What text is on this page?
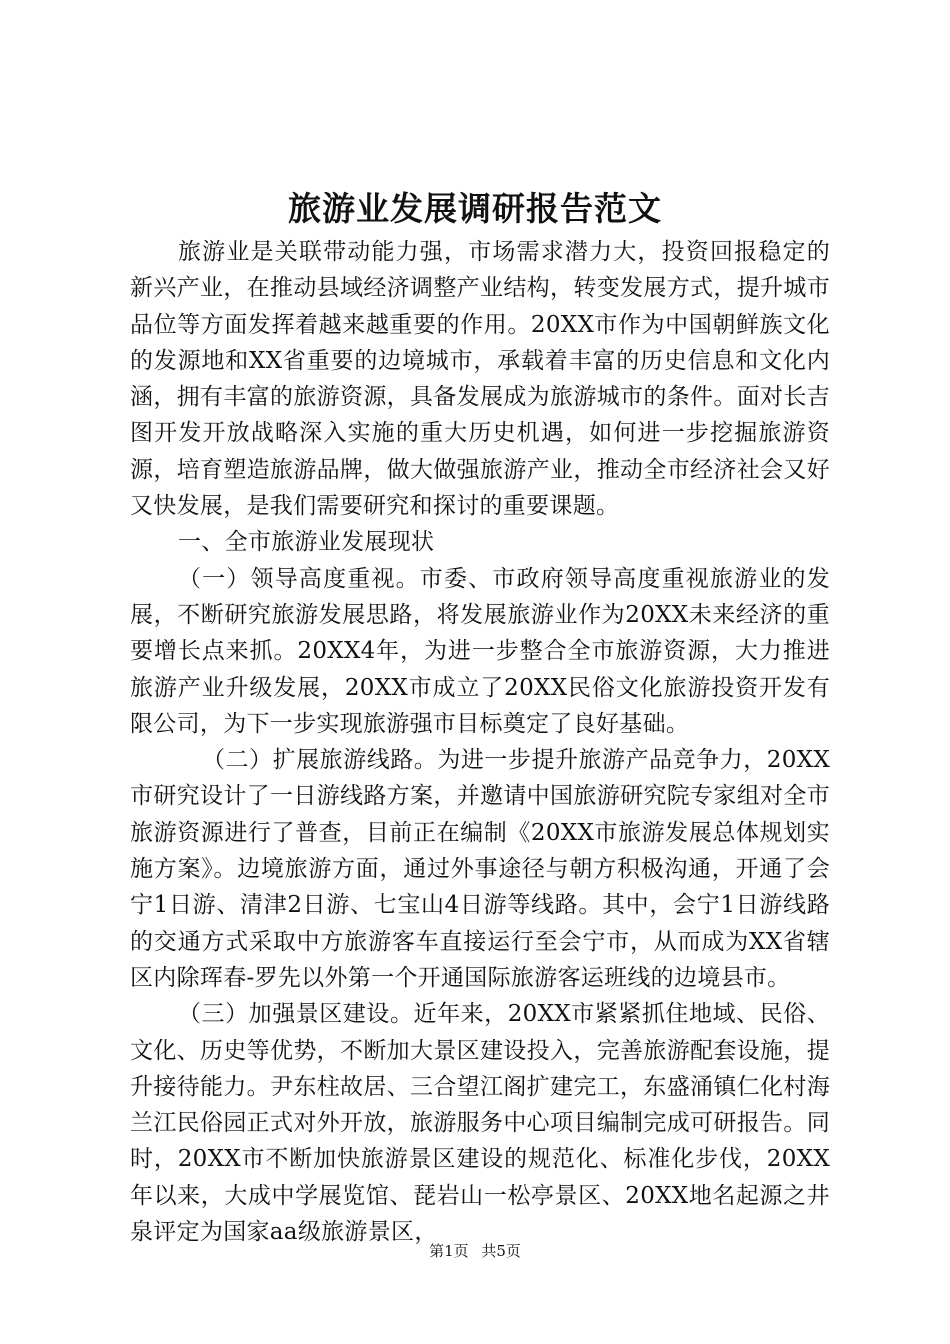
旅游业发展调研报告范文

旅游业是关联带动能力强，市场需求潜力大，投资回报稳定的新兴产业，在推动县域经济调整产业结构，转变发展方式，提升城市品位等方面发挥着越来越重要的作用。20XX市作为中国朝鲜族文化的发源地和XX省重要的边境城市，承载着丰富的历史信息和文化内涵，拥有丰富的旅游资源，具备发展成为旅游城市的条件。面对长吉图开发开放战略深入实施的重大历史机遇，如何进一步挖掘旅游资源，培育塑造旅游品牌，做大做强旅游产业，推动全市经济社会又好又快发展，是我们需要研究和探讨的重要课题。

一、全市旅游业发展现状

（一）领导高度重视。市委、市政府领导高度重视旅游业的发展，不断研究旅游发展思路，将发展旅游业作为20XX未来经济的重要增长点来抓。20XX4年，为进一步整合全市旅游资源，大力推进旅游产业升级发展，20XX市成立了20XX民俗文化旅游投资开发有限公司，为下一步实现旅游强市目标奠定了良好基础。

（二）扩展旅游线路。为进一步提升旅游产品竞争力，20XX市研究设计了一日游线路方案，并邀请中国旅游研究院专家组对全市旅游资源进行了普查，目前正在编制《20XX市旅游发展总体规划实施方案》。边境旅游方面，通过外事途径与朝方积极沟通，开通了会宁1日游、清津2日游、七宝山4日游等线路。其中，会宁1日游线路的交通方式采取中方旅游客车直接运行至会宁市，从而成为XX省辖区内除珲春-罗先以外第一个开通国际旅游客运班线的边境县市。

（三）加强景区建设。近年来，20XX市紧紧抓住地域、民俗、文化、历史等优势，不断加大景区建设投入，完善旅游配套设施，提升接待能力。尹东柱故居、三合望江阁扩建完工，东盛涌镇仁化村海兰江民俗园正式对外开放，旅游服务中心项目编制完成可研报告。同时，20XX市不断加快旅游景区建设的规范化、标准化步伐，20XX年以来，大成中学展览馆、琵岩山一松亭景区、20XX地名起源之井泉评定为国家aa级旅游景区，

第1页 共5页
